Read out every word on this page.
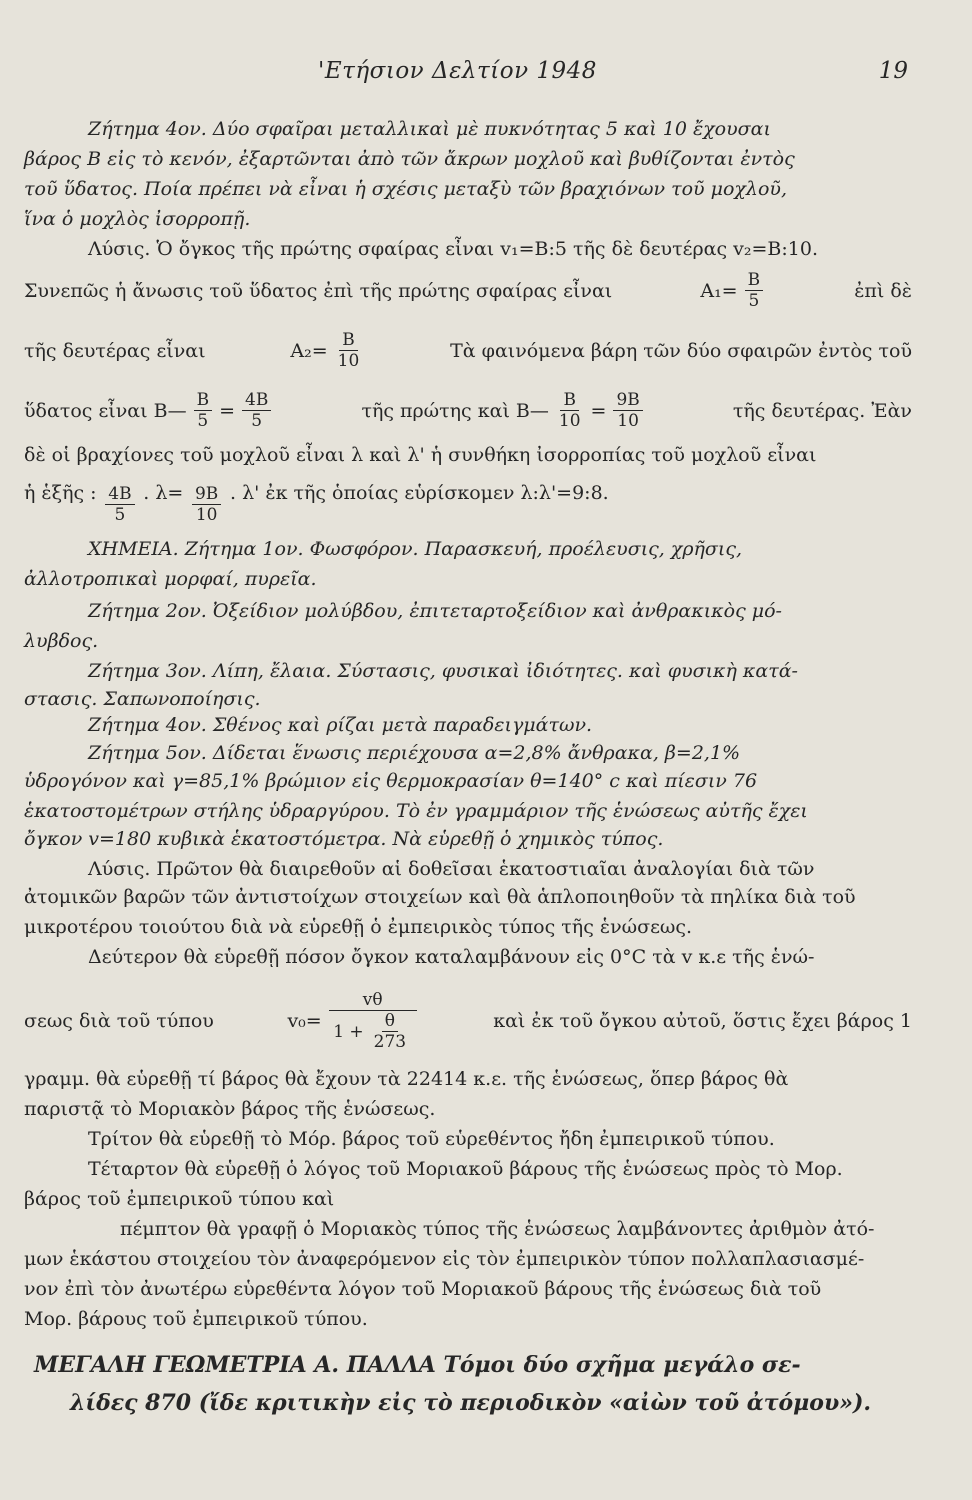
'Ετήσιον Δελτίον 1948	19
Ζήτημα 4ον. Δύο σφαῖραι μεταλλικαὶ μὲ πυκνότητας 5 καὶ 10 ἔχουσαι
βάρος Β εἰς τὸ κενόν, ἐξαρτῶνται ἀπὸ τῶν ἄκρων μοχλοῦ καὶ βυθίζονται ἐντὸς
τοῦ ὕδατος. Ποία πρέπει νὰ εἶναι ἡ σχέσις μεταξὺ τῶν βραχιόνων τοῦ μοχλοῦ,
ἵνα ὁ μοχλὸς ἰσορροπῇ.
Λύσις. Ὁ ὄγκος τῆς πρώτης σφαίρας εἶναι v₁=Β:5 τῆς δὲ δευτέρας v₂=Β:10.
Συνεπῶς ἡ ἄνωσις τοῦ ὕδατος ἐπὶ τῆς πρώτης σφαίρας εἶναι	$A_1= \frac{B}{5}$	ἐπὶ δὲ
τῆς δευτέρας εἶναι	$A_2= \frac{B}{10}$	Τὰ φαινόμενα βάρη τῶν δύο σφαιρῶν ἐντὸς τοῦ
ὕδατος εἶναι Β— $\frac{B}{5} = \frac{4B}{5}$	τῆς πρώτης καὶ Β— $\frac{B}{10} = \frac{9B}{10}$	τῆς δευτέρας. Ἐὰν
δὲ οἱ βραχίονες τοῦ μοχλοῦ εἶναι λ καὶ λ' ἡ συνθήκη ἰσορροπίας τοῦ μοχλοῦ εἶναι
ἡ ἑξῆς : $\frac{4B}{5}$ . $\lambda= \frac{9B}{10}$ . λ' ἐκ τῆς ὁποίας εὑρίσκομεν λ:λ'=9:8.
ΧΗΜΕΙΑ. Ζήτημα 1ον. Φωσφόρον. Παρασκευή, προέλευσις, χρῆσις,
ἀλλοτροπικαὶ μορφαί, πυρεῖα.
Ζήτημα 2ον. Ὀξείδιον μολύβδου, ἐπιτεταρτοξείδιον καὶ ἀνθρακικὸς μό-
λυβδος.
Ζήτημα 3ον. Λίπη, ἔλαια. Σύστασις, φυσικαὶ ἰδιότητες. καὶ φυσικὴ κατά-
στασις. Σαπωνοποίησις.
Ζήτημα 4ον. Σθένος καὶ ρίζαι μετὰ παραδειγμάτων.
Ζήτημα 5ον. Δίδεται ἕνωσις περιέχουσα α=2,8% ἄνθρακα, β=2,1%
ὑδρογόνον καὶ γ=85,1% βρώμιον εἰς θερμοκρασίαν θ=140° c καὶ πίεσιν 76
ἑκατοστομέτρων στήλης ὑδραργύρου. Τὸ ἐν γραμμάριον τῆς ἑνώσεως αὐτῆς ἔχει
ὄγκον v=180 κυβικὰ ἑκατοστόμετρα. Νὰ εὑρεθῇ ὁ χημικὸς τύπος.
Λύσις. Πρῶτον θὰ διαιρεθοῦν αἱ δοθεῖσαι ἑκατοστιαῖαι ἀναλογίαι διὰ τῶν
ἀτομικῶν βαρῶν τῶν ἀντιστοίχων στοιχείων καὶ θὰ ἁπλοποιηθοῦν τὰ πηλίκα διὰ τοῦ
μικροτέρου τοιούτου διὰ νὰ εὑρεθῇ ὁ ἐμπειρικὸς τύπος τῆς ἑνώσεως.
Δεύτερον θὰ εὑρεθῇ πόσον ὄγκον καταλαμβάνουν εἰς 0°C τὰ v κ.ε τῆς ἑνώ-
σεως διὰ τοῦ τύπου	$v_0= \frac{v\theta}{1 + \frac{\theta}{273}}$	καὶ ἐκ τοῦ ὄγκου αὐτοῦ, ὅστις ἔχει βάρος 1
γραμμ. θὰ εὑρεθῇ τί βάρος θὰ ἔχουν τὰ 22414 κ.ε. τῆς ἑνώσεως, ὅπερ βάρος θὰ
παριστᾷ τὸ Μοριακὸν βάρος τῆς ἑνώσεως.
Τρίτον θὰ εὑρεθῇ τὸ Μόρ. βάρος τοῦ εὑρεθέντος ἤδη ἐμπειρικοῦ τύπου.
Τέταρτον θὰ εὑρεθῇ ὁ λόγος τοῦ Μοριακοῦ βάρους τῆς ἑνώσεως πρὸς τὸ Μορ.
βάρος τοῦ ἐμπειρικοῦ τύπου καὶ
πέμπτον θὰ γραφῇ ὁ Μοριακὸς τύπος τῆς ἑνώσεως λαμβάνοντες ἀριθμὸν ἀτό-
μων ἑκάστου στοιχείου τὸν ἀναφερόμενον εἰς τὸν ἐμπειρικὸν τύπον πολλαπλασιασμέ-
νον ἐπὶ τὸν ἀνωτέρω εὑρεθέντα λόγον τοῦ Μοριακοῦ βάρους τῆς ἑνώσεως διὰ τοῦ
Μορ. βάρους τοῦ ἐμπειρικοῦ τύπου.
ΜΕΓΑΛΗ ΓΕΩΜΕΤΡΙΑ Α. ΠΑΛΛΑ Τόμοι δύο σχῆμα μεγάλο σε-
λίδες 870 (ἴδε κριτικὴν εἰς τὸ περιοδικὸν «αἰὼν τοῦ ἀτόμου»).
